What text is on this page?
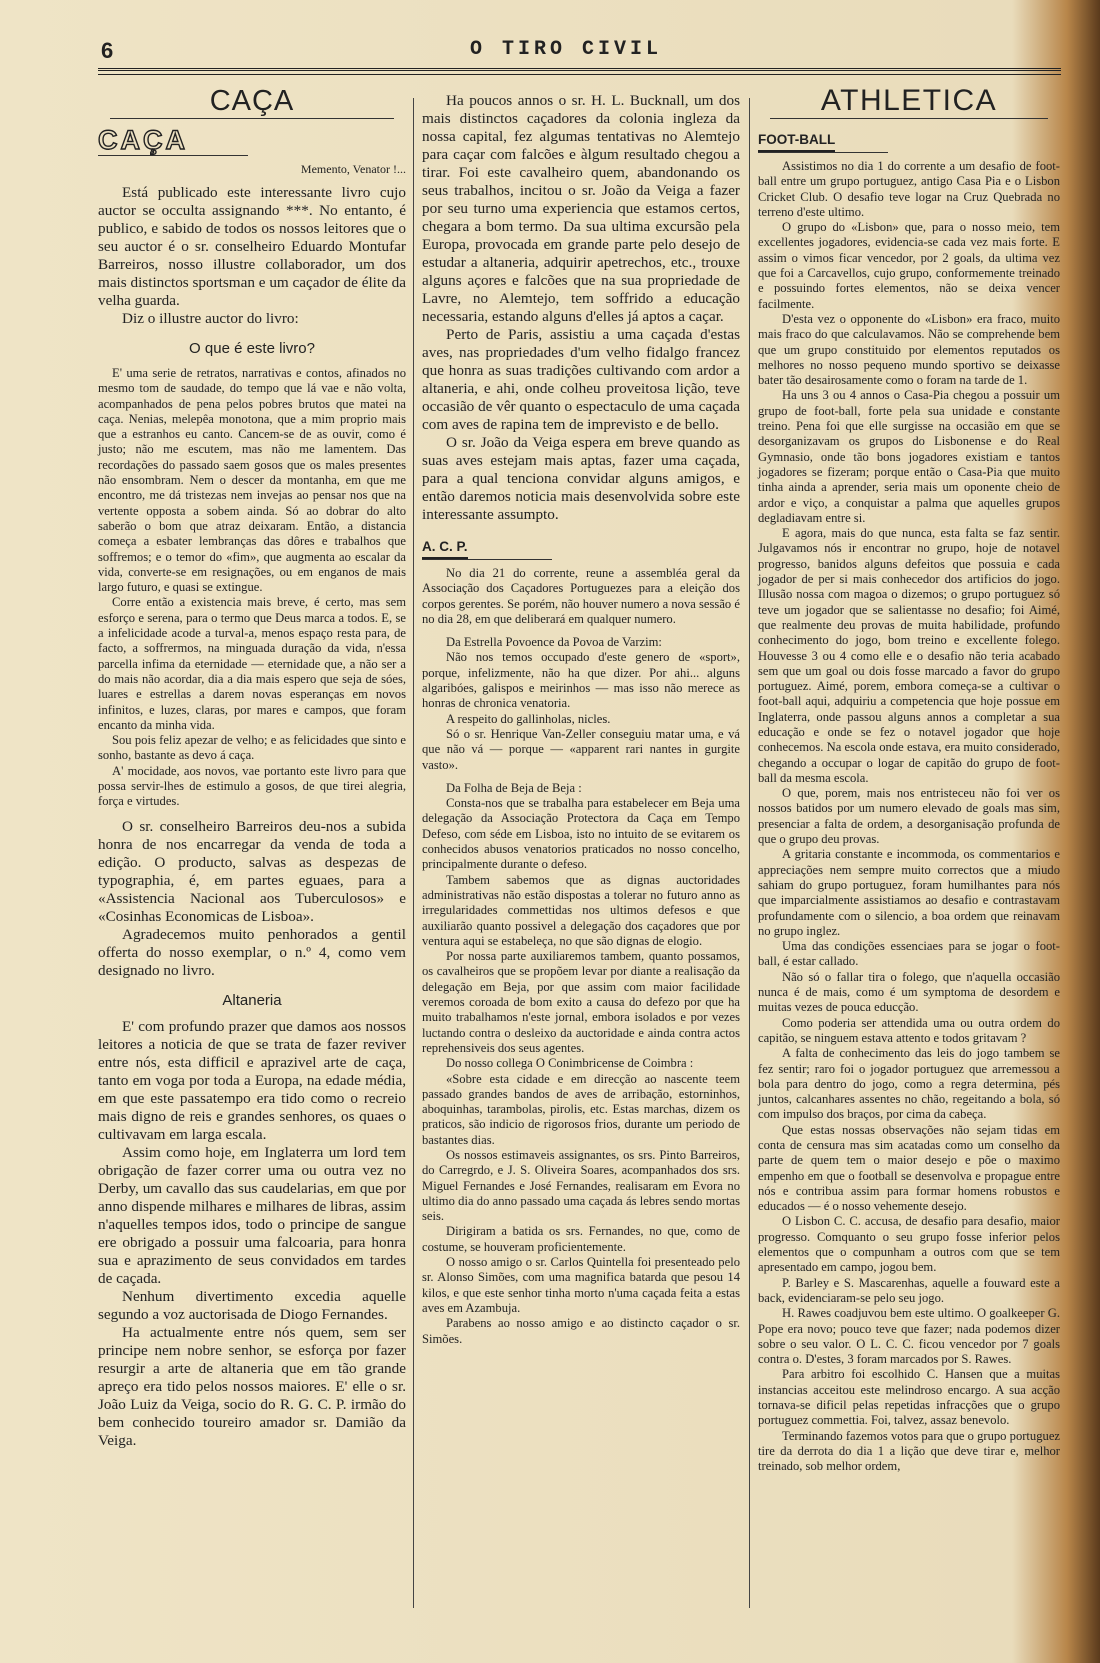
6	O TIRO CIVIL
CAÇA
CAÇA
Memento, Venator !...

Está publicado este interessante livro cujo auctor se occulta assignando ***. No entanto, é publico, e sabido de todos os nossos leitores que o seu auctor é o sr. conselheiro Eduardo Montufar Barreiros, nosso illustre collaborador, um dos mais distinctos sportsman e um caçador de élite da velha guarda.

Diz o illustre auctor do livro:

O que é este livro?

E' uma serie de retratos, narrativas e contos, afinados no mesmo tom de saudade, do tempo que lá vae e não volta, acompanhados de pena pelos pobres brutos que matei na caça. Nenias, melepêa monotona, que a mim proprio mais que a estranhos eu canto. Cancem-se de as ouvir, como é justo; não me escutem, mas não me lamentem. Das recordações do passado saem gosos que os males presentes não ensombram. Nem o descer da montanha, em que me encontro, me dá tristezas nem invejas ao pensar nos que na vertente opposta a sobem ainda. Só ao dobrar do alto saberão o bom que atraz deixaram. Então, a distancia começa a esbater lembranças das dôres e trabalhos que soffremos; e o temor do «fim», que augmenta ao escalar da vida, converte-se em resignações, ou em enganos de mais largo futuro, e quasi se extingue.

Corre então a existencia mais breve, é certo, mas sem esforço e serena, para o termo que Deus marca a todos. E, se a infelicidade acode a turval-a, menos espaço resta para, de facto, a soffrermos, na minguada duração da vida, n'essa parcella infima da eternidade — eternidade que, a não ser a do mais não acordar, dia a dia mais espero que seja de sóes, luares e estrellas a darem novas esperanças em novos infinitos, e luzes, claras, por mares e campos, que foram encanto da minha vida.

Sou pois feliz apezar de velho; e as felicidades que sinto e sonho, bastante as devo á caça.

A' mocidade, aos novos, vae portanto este livro para que possa servir-lhes de estimulo a gosos, de que tirei alegria, força e virtudes.

O sr. conselheiro Barreiros deu-nos a subida honra de nos encarregar da venda de toda a edição. O producto, salvas as despezas de typographia, é, em partes eguaes, para a «Assistencia Nacional aos Tuberculosos» e «Cosinhas Economicas de Lisboa».

Agradecemos muito penhorados a gentil offerta do nosso exemplar, o n.º 4, como vem designado no livro.

Altaneria

E' com profundo prazer que damos aos nossos leitores a noticia de que se trata de fazer reviver entre nós, esta difficil e aprazivel arte de caça, tanto em voga por toda a Europa, na edade média, em que este passatempo era tido como o recreio mais digno de reis e grandes senhores, os quaes o cultivavam em larga escala.

Assim como hoje, em Inglaterra um lord tem obrigação de fazer correr uma ou outra vez no Derby, um cavallo das sus caudelarias, em que por anno dispende milhares e milhares de libras, assim n'aquelles tempos idos, todo o principe de sangue ere obrigado a possuir uma falcoaria, para honra sua e aprazimento de seus convidados em tardes de caçada.

Nenhum divertimento excedia aquelle segundo a voz auctorisada de Diogo Fernandes.

Ha actualmente entre nós quem, sem ser principe nem nobre senhor, se esforça por fazer resurgir a arte de altaneria que em tão grande apreço era tido pelos nossos maiores. E' elle o sr. João Luiz da Veiga, socio do R. G. C. P. irmão do bem conhecido toureiro amador sr. Damião da Veiga.

Ha poucos annos o sr. H. L. Bucknall, um dos mais distinctos caçadores da colonia ingleza da nossa capital, fez algumas tentativas no Alemtejo para caçar com falcões e àlgum resultado chegou a tirar. Foi este cavalheiro quem, abandonando os seus trabalhos, incitou o sr. João da Veiga a fazer por seu turno uma experiencia que estamos certos, chegara a bom termo. Da sua ultima excursão pela Europa, provocada em grande parte pelo desejo de estudar a altaneria, adquirir apetrechos, etc., trouxe alguns açores e falcões que na sua propriedade de Lavre, no Alemtejo, tem soffrido a educação necessaria, estando alguns d'elles já aptos a caçar.

Perto de Paris, assistiu a uma caçada d'estas aves, nas propriedades d'um velho fidalgo francez que honra as suas tradições cultivando com ardor a altaneria, e ahi, onde colheu proveitosa lição, teve occasião de vêr quanto o espectaculo de uma caçada com aves de rapina tem de imprevisto e de bello.

O sr. João da Veiga espera em breve quando as suas aves estejam mais aptas, fazer uma caçada, para a qual tenciona convidar alguns amigos, e então daremos noticia mais desenvolvida sobre este interessante assumpto.

A. C. P.

No dia 21 do corrente, reune a assembléa geral da Associação dos Caçadores Portuguezes para a eleição dos corpos gerentes. Se porém, não houver numero a nova sessão é no dia 28, em que deliberará em qualquer numero.

Da Estrella Povoence da Povoa de Varzim:

Não nos temos occupado d'este genero de «sport», porque, infelizmente, não ha que dizer. Por ahi... alguns algaribóes, galispos e meirinhos — mas isso não merece as honras de chronica venatoria.

A respeito do gallinholas, nicles.

Só o sr. Henrique Van-Zeller conseguiu matar uma, e vá que não vá — porque — «apparent rari nantes in gurgite vasto».

Da Folha de Beja de Beja :

Consta-nos que se trabalha para estabelecer em Beja uma delegação da Associação Protectora da Caça em Tempo Defeso, com séde em Lisboa, isto no intuito de se evitarem os conhecidos abusos venatorios praticados no nosso concelho, principalmente durante o defeso.

Tambem sabemos que as dignas auctoridades administrativas não estão dispostas a tolerar no futuro anno as irregularidades commettidas nos ultimos defesos e que auxiliarão quanto possivel a delegação dos caçadores que por ventura aqui se estabeleça, no que são dignas de elogio.

Por nossa parte auxiliaremos tambem, quanto possamos, os cavalheiros que se propõem levar por diante a realisação da delegação em Beja, por que assim com maior facilidade veremos coroada de bom exito a causa do defezo por que ha muito trabalhamos n'este jornal, embora isolados e por vezes luctando contra o desleixo da auctoridade e ainda contra actos reprehensiveis dos seus agentes.

Do nosso collega O Conimbricense de Coimbra :

«Sobre esta cidade e em direcção ao nascente teem passado grandes bandos de aves de arribação, estorninhos, aboquinhas, tarambolas, pirolis, etc. Estas marchas, dizem os praticos, são indicio de rigorosos frios, durante um periodo de bastantes dias.

Os nossos estimaveis assignantes, os srs. Pinto Barreiros, do Carregrdo, e J. S. Oliveira Soares, acompanhados dos srs. Miguel Fernandes e José Fernandes, realisaram em Evora no ultimo dia do anno passado uma caçada ás lebres sendo mortas seis.

Dirigiram a batida os srs. Fernandes, no que, como de costume, se houveram proficientemente.

O nosso amigo o sr. Carlos Quintella foi presenteado pelo sr. Alonso Simões, com uma magnifica batarda que pesou 14 kilos, e que este senhor tinha morto n'uma caçada feita a estas aves em Azambuja.

Parabens ao nosso amigo e ao distincto caçador o sr. Simões.

ATHLETICA
FOOT-BALL

Assistimos no dia 1 do corrente a um desafio de foot-ball entre um grupo portuguez, antigo Casa Pia e o Lisbon Cricket Club. O desafio teve logar na Cruz Quebrada no terreno d'este ultimo.

O grupo do «Lisbon» que, para o nosso meio, tem excellentes jogadores, evidencia-se cada vez mais forte. E assim o vimos ficar vencedor, por 2 goals, da ultima vez que foi a Carcavellos, cujo grupo, conformemente treinado e possuindo fortes elementos, não se deixa vencer facilmente.

D'esta vez o opponente do «Lisbon» era fraco, muito mais fraco do que calculavamos. Não se comprehende bem que um grupo constituido por elementos reputados os melhores no nosso pequeno mundo sportivo se deixasse bater tão desairosamente como o foram na tarde de 1.

Ha uns 3 ou 4 annos o Casa-Pia chegou a possuir um grupo de foot-ball, forte pela sua unidade e constante treino. Pena foi que elle surgisse na occasião em que se desorganizavam os grupos do Lisbonense e do Real Gymnasio, onde tão bons jogadores existiam e tantos jogadores se fizeram; porque então o Casa-Pia que muito tinha ainda a aprender, seria mais um oponente cheio de ardor e viço, a conquistar a palma que aquelles grupos degladiavam entre si.

E agora, mais do que nunca, esta falta se faz sentir. Julgavamos nós ir encontrar no grupo, hoje de notavel progresso, banidos alguns defeitos que possuia e cada jogador de per si mais conhecedor dos artificios do jogo. Illusão nossa com magoa o dizemos; o grupo portuguez só teve um jogador que se salientasse no desafio; foi Aimé, que realmente deu provas de muita habilidade, profundo conhecimento do jogo, bom treino e excellente folego. Houvesse 3 ou 4 como elle e o desafio não teria acabado sem que um goal ou dois fosse marcado a favor do grupo portuguez. Aimé, porem, embora começa-se a cultivar o foot-ball aqui, adquiriu a competencia que hoje possue em Inglaterra, onde passou alguns annos a completar a sua educação e onde se fez o notavel jogador que hoje conhecemos. Na escola onde estava, era muito considerado, chegando a occupar o logar de capitão do grupo de foot-ball da mesma escola.

O que, porem, mais nos entristeceu não foi ver os nossos batidos por um numero elevado de goals mas sim, presenciar a falta de ordem, a desorganisação profunda de que o grupo deu provas.

A gritaria constante e incommoda, os commentarios e appreciações nem sempre muito correctos que a miudo sahiam do grupo portuguez, foram humilhantes para nós que imparcialmente assistiamos ao desafio e contrastavam profundamente com o silencio, a boa ordem que reinavam no grupo inglez.

Uma das condições essenciaes para se jogar o foot-ball, é estar callado.

Não só o fallar tira o folego, que n'aquella occasião nunca é de mais, como é um symptoma de desordem e muitas vezes de pouca educção.

Como poderia ser attendida uma ou outra ordem do capitão, se ninguem estava attento e todos gritavam ?

A falta de conhecimento das leis do jogo tambem se fez sentir; raro foi o jogador portuguez que arremessou a bola para dentro do jogo, como a regra determina, pés juntos, calcanhares assentes no chão, regeitando a bola, só com impulso dos braços, por cima da cabeça.

Que estas nossas observações não sejam tidas em conta de censura mas sim acatadas como um conselho da parte de quem tem o maior desejo e põe o maximo empenho em que o football se desenvolva e propague entre nós e contribua assim para formar homens robustos e educados — é o nosso vehemente desejo.

O Lisbon C. C. accusa, de desafio para desafio, maior progresso. Comquanto o seu grupo fosse inferior pelos elementos que o compunham a outros com que se tem apresentado em campo, jogou bem.

P. Barley e S. Mascarenhas, aquelle a fouward este a back, evidenciaram-se pelo seu jogo.

H. Rawes coadjuvou bem este ultimo. O goalkeeper G. Pope era novo; pouco teve que fazer; nada podemos dizer sobre o seu valor. O L. C. C. ficou vencedor por 7 goals contra o. D'estes, 3 foram marcados por S. Rawes.

Para arbitro foi escolhido C. Hansen que a muitas instancias acceitou este melindroso encargo. A sua acção tornava-se dificil pelas repetidas infracções que o grupo portuguez commettia. Foi, talvez, assaz benevolo.

Terminando fazemos votos para que o grupo portuguez tire da derrota do dia 1 a lição que deve tirar e, melhor treinado, sob melhor ordem,
